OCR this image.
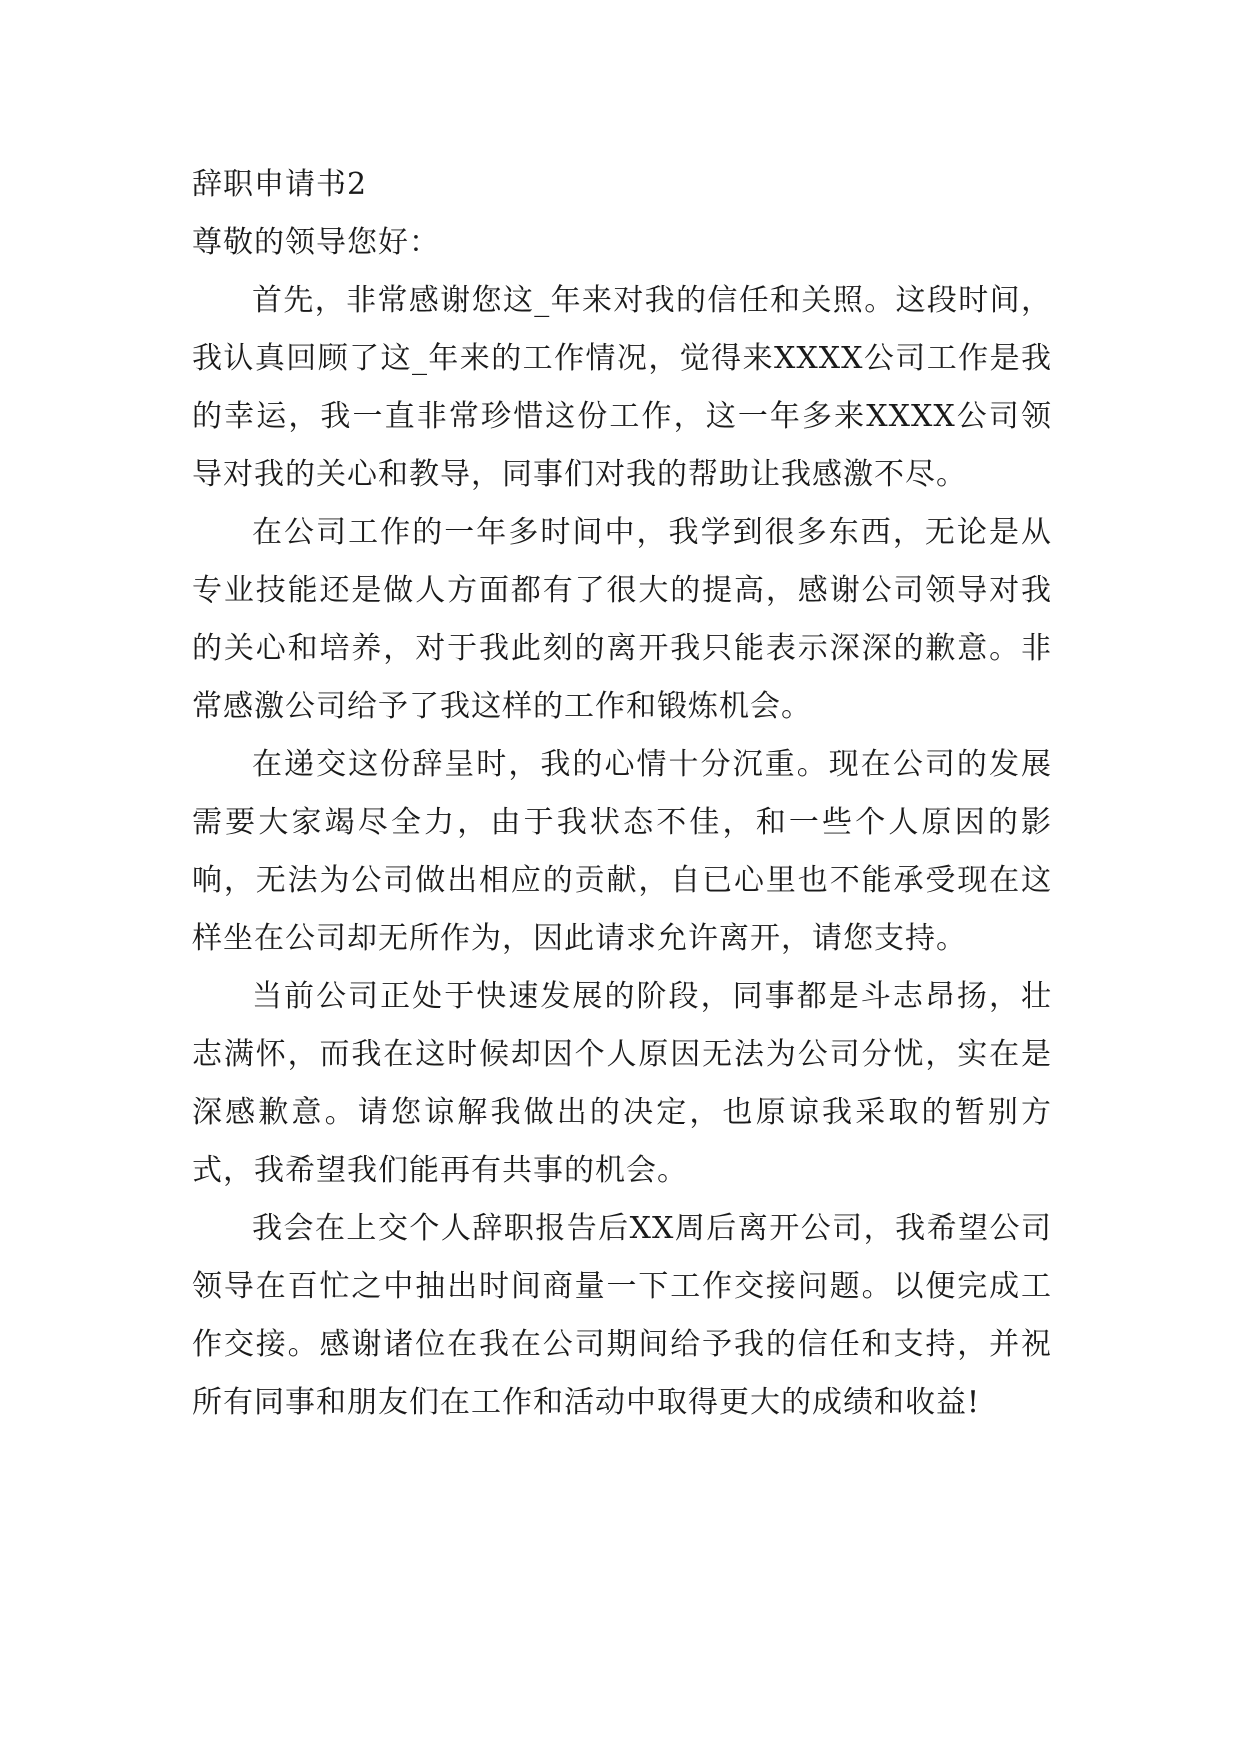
辞职申请书2

尊敬的领导您好：

首先，非常感谢您这_年来对我的信任和关照。这段时间，我认真回顾了这_年来的工作情况，觉得来XXXX公司工作是我的幸运，我一直非常珍惜这份工作，这一年多来XXXX公司领导对我的关心和教导，同事们对我的帮助让我感激不尽。

在公司工作的一年多时间中，我学到很多东西，无论是从专业技能还是做人方面都有了很大的提高，感谢公司领导对我的关心和培养，对于我此刻的离开我只能表示深深的歉意。非常感激公司给予了我这样的工作和锻炼机会。

在递交这份辞呈时，我的心情十分沉重。现在公司的发展需要大家竭尽全力，由于我状态不佳，和一些个人原因的影响，无法为公司做出相应的贡献，自已心里也不能承受现在这样坐在公司却无所作为，因此请求允许离开，请您支持。

当前公司正处于快速发展的阶段，同事都是斗志昂扬，壮志满怀，而我在这时候却因个人原因无法为公司分忧，实在是深感歉意。请您谅解我做出的决定，也原谅我采取的暂别方式，我希望我们能再有共事的机会。

我会在上交个人辞职报告后XX周后离开公司，我希望公司领导在百忙之中抽出时间商量一下工作交接问题。以便完成工作交接。感谢诸位在我在公司期间给予我的信任和支持，并祝所有同事和朋友们在工作和活动中取得更大的成绩和收益!
